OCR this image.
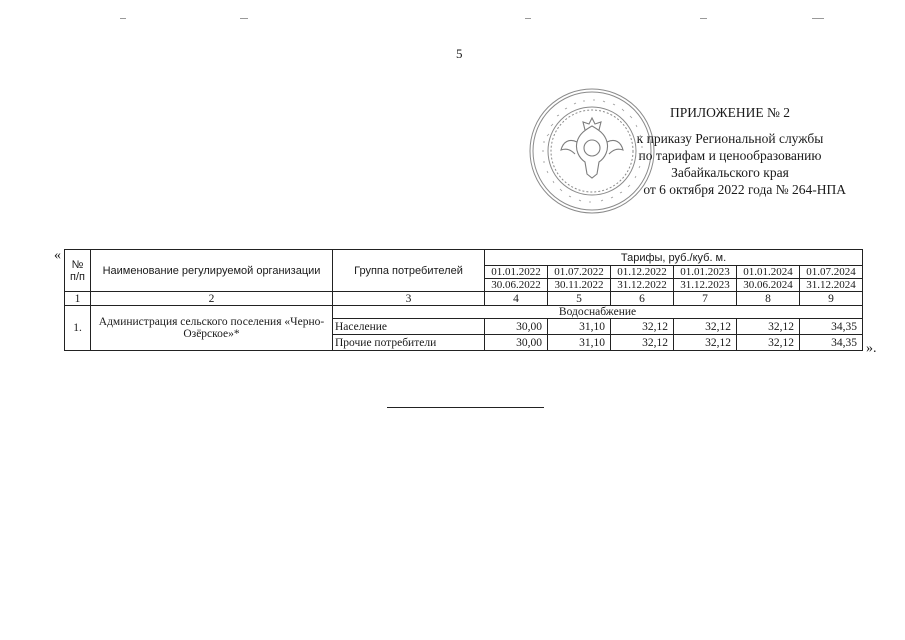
5
ПРИЛОЖЕНИЕ № 2
к приказу Региональной службы
по тарифам и ценообразованию
Забайкальского края
от 6 октября 2022 года № 264-НПА
«
№ п/п	Наименование регулируемой организации	Группа потребителей	Тарифы, руб./куб. м.					
			01.01.2022	01.07.2022	01.12.2022	01.01.2023	01.01.2024	01.07.2024
			30.06.2022	30.11.2022	31.12.2022	31.12.2023	30.06.2024	31.12.2024
1	2	3	4	5	6	7	8	9
1.	Администрация сельского поселения «Черно-Озёрское»*	Водоснабжение						
		Население	30,00	31,10	32,12	32,12	32,12	34,35
		Прочие потребители	30,00	31,10	32,12	32,12	32,12	34,35 ».
